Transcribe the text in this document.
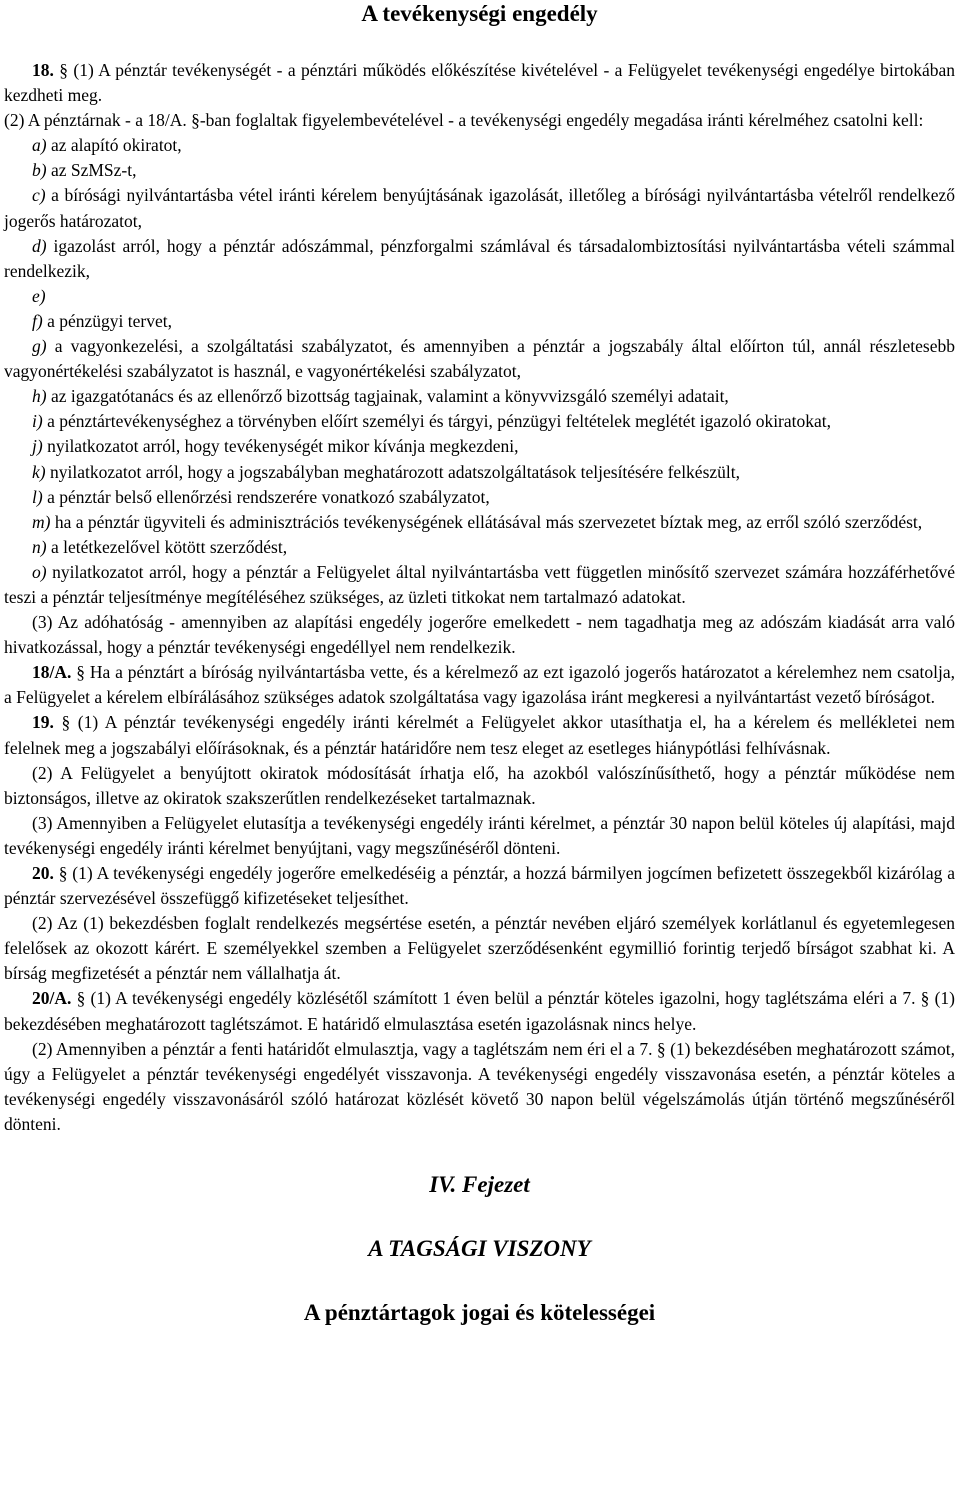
A tevékenységi engedély

18. § (1) A pénztár tevékenységét - a pénztári működés előkészítése kivételével - a Felügyelet tevékenységi engedélye birtokában kezdheti meg.

(2) A pénztárnak - a 18/A. §-ban foglaltak figyelembevételével - a tevékenységi engedély megadása iránti kérelméhez csatolni kell:

a) az alapító okiratot,

b) az SzMSz-t,

c) a bírósági nyilvántartásba vétel iránti kérelem benyújtásának igazolását, illetőleg a bírósági nyilvántartásba vételről rendelkező jogerős határozatot,

d) igazolást arról, hogy a pénztár adószámmal, pénzforgalmi számlával és társadalombiztosítási nyilvántartásba vételi számmal rendelkezik,

e)

f) a pénzügyi tervet,

g) a vagyonkezelési, a szolgáltatási szabályzatot, és amennyiben a pénztár a jogszabály által előírton túl, annál részletesebb vagyonértékelési szabályzatot is használ, e vagyonértékelési szabályzatot,

h) az igazgatótanács és az ellenőrző bizottság tagjainak, valamint a könyvvizsgáló személyi adatait,

i) a pénztártevékenységhez a törvényben előírt személyi és tárgyi, pénzügyi feltételek meglétét igazoló okiratokat,

j) nyilatkozatot arról, hogy tevékenységét mikor kívánja megkezdeni,

k) nyilatkozatot arról, hogy a jogszabályban meghatározott adatszolgáltatások teljesítésére felkészült,

l) a pénztár belső ellenőrzési rendszerére vonatkozó szabályzatot,

m) ha a pénztár ügyviteli és adminisztrációs tevékenységének ellátásával más szervezetet bíztak meg, az erről szóló szerződést,

n) a letétkezelővel kötött szerződést,

o) nyilatkozatot arról, hogy a pénztár a Felügyelet által nyilvántartásba vett független minősítő szervezet számára hozzáférhetővé teszi a pénztár teljesítménye megítéléséhez szükséges, az üzleti titkokat nem tartalmazó adatokat.

(3) Az adóhatóság - amennyiben az alapítási engedély jogerőre emelkedett - nem tagadhatja meg az adószám kiadását arra való hivatkozással, hogy a pénztár tevékenységi engedéllyel nem rendelkezik.

18/A. § Ha a pénztárt a bíróság nyilvántartásba vette, és a kérelmező az ezt igazoló jogerős határozatot a kérelemhez nem csatolja, a Felügyelet a kérelem elbírálásához szükséges adatok szolgáltatása vagy igazolása iránt megkeresi a nyilvántartást vezető bíróságot.

19. § (1) A pénztár tevékenységi engedély iránti kérelmét a Felügyelet akkor utasíthatja el, ha a kérelem és mellékletei nem felelnek meg a jogszabályi előírásoknak, és a pénztár határidőre nem tesz eleget az esetleges hiánypótlási felhívásnak.

(2) A Felügyelet a benyújtott okiratok módosítását írhatja elő, ha azokból valószínűsíthető, hogy a pénztár működése nem biztonságos, illetve az okiratok szakszerűtlen rendelkezéseket tartalmaznak.

(3) Amennyiben a Felügyelet elutasítja a tevékenységi engedély iránti kérelmet, a pénztár 30 napon belül köteles új alapítási, majd tevékenységi engedély iránti kérelmet benyújtani, vagy megszűnéséről dönteni.

20. § (1) A tevékenységi engedély jogerőre emelkedéséig a pénztár, a hozzá bármilyen jogcímen befizetett összegekből kizárólag a pénztár szervezésével összefüggő kifizetéseket teljesíthet.

(2) Az (1) bekezdésben foglalt rendelkezés megsértése esetén, a pénztár nevében eljáró személyek korlátlanul és egyetemlegesen felelősek az okozott kárért. E személyekkel szemben a Felügyelet szerződésenként egymillió forintig terjedő bírságot szabhat ki. A bírság megfizetését a pénztár nem vállalhatja át.

20/A. § (1) A tevékenységi engedély közlésétől számított 1 éven belül a pénztár köteles igazolni, hogy taglétszáma eléri a 7. § (1) bekezdésében meghatározott taglétszámot. E határidő elmulasztása esetén igazolásnak nincs helye.

(2) Amennyiben a pénztár a fenti határidőt elmulasztja, vagy a taglétszám nem éri el a 7. § (1) bekezdésében meghatározott számot, úgy a Felügyelet a pénztár tevékenységi engedélyét visszavonja. A tevékenységi engedély visszavonása esetén, a pénztár köteles a tevékenységi engedély visszavonásáról szóló határozat közlését követő 30 napon belül végelszámolás útján történő megszűnéséről dönteni.

IV. Fejezet
A TAGSÁGI VISZONY
A pénztártagok jogai és kötelességei
